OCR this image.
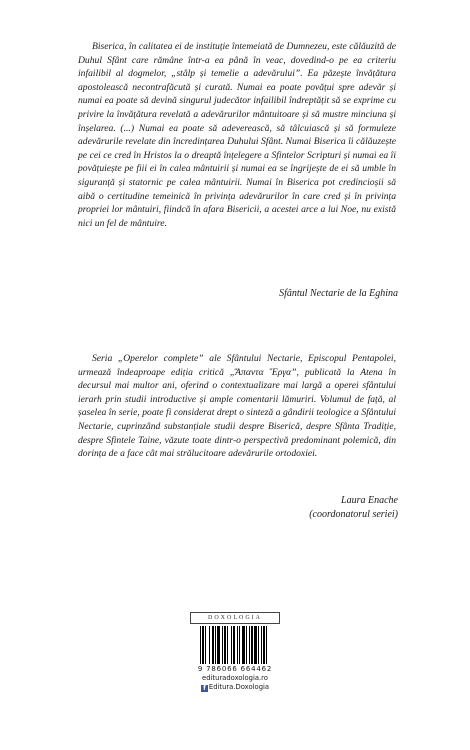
Biserica, în calitatea ei de instituție întemeiată de Dumnezeu, este călăuzită de Duhul Sfânt care rămâne într-a ea până în veac, dovedind-o pe ea criteriu infailibil al dogmelor, „stâlp și temelie a adevărului”. Ea păzește învățătura apostolească necontrafăcută și curată. Numai ea poate povățui spre adevăr și numai ea poate să devină singurul judecător infailibil îndreptățit să se exprime cu privire la învățătura revelată a adevărurilor mântuitoare și să mustre minciuna și înșelarea. (...) Numai ea poate să adeverească, să tâlcuiască și să formuleze adevărurile revelate din încredințarea Duhului Sfânt. Numai Biserica îi călăuzește pe cei ce cred în Hristos la o dreaptă înțelegere a Sfintelor Scripturi și numai ea îi povățuiește pe fiii ei în calea mântuirii și numai ea se îngrijește de ei să umble în siguranță și statornic pe calea mântuirii. Numai în Biserica pot credincioșii să aibă o certitudine temeinică în privința adevărurilor în care cred și în privința propriei lor mântuiri, fiindcă în afara Bisericii, a acestei arce a lui Noe, nu există nici un fel de mântuire.

Sfântul Nectarie de la Eghina

Seria „Operelor complete” ale Sfântului Nectarie, Episcopul Pentapolei, urmează îndeaproape ediția critică „Ἅπαντα Ἔργα”, publicată la Atena în decursul mai multor ani, oferind o contextualizare mai largă a operei sfântului ierarh prin studii introductive și ample comentarii lămuriri. Volumul de față, al șaselea în serie, poate fi considerat drept o sinteză a gândirii teologice a Sfântului Nectarie, cuprinzând substanțiale studii despre Biserică, despre Sfânta Tradiție, despre Sfintele Taine, văzute toate dintr-o perspectivă predominant polemică, din dorința de a face cât mai strălucitoare adevărurile ortodoxiei.

Laura Enache
(coordonatorul seriei)
DOXOLOGIA
9 786066 664462
edituradoxologia.ro
f Editura.Doxologia
